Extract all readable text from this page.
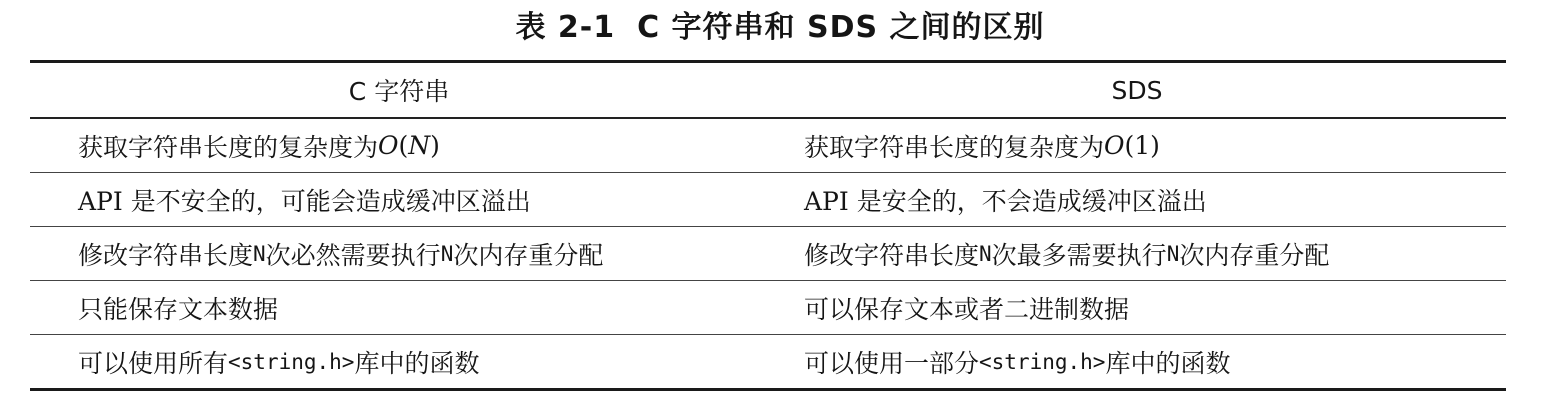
表 2-1 C 字符串和 SDS 之间的区别
C 字符串	SDS
获取字符串长度的复杂度为 O ( N )	获取字符串长度的复杂度为 O (1)
API 是不安全的，可能会造成缓冲区溢出	API 是安全的，不会造成缓冲区溢出
修改字符串长度 N 次必然需要执行 N 次内存重分配	修改字符串长度 N 次最多需要执行 N 次内存重分配
只能保存文本数据	可以保存文本或者二进制数据
可以使用所有 <string.h> 库中的函数	可以使用一部分 <string.h> 库中的函数
